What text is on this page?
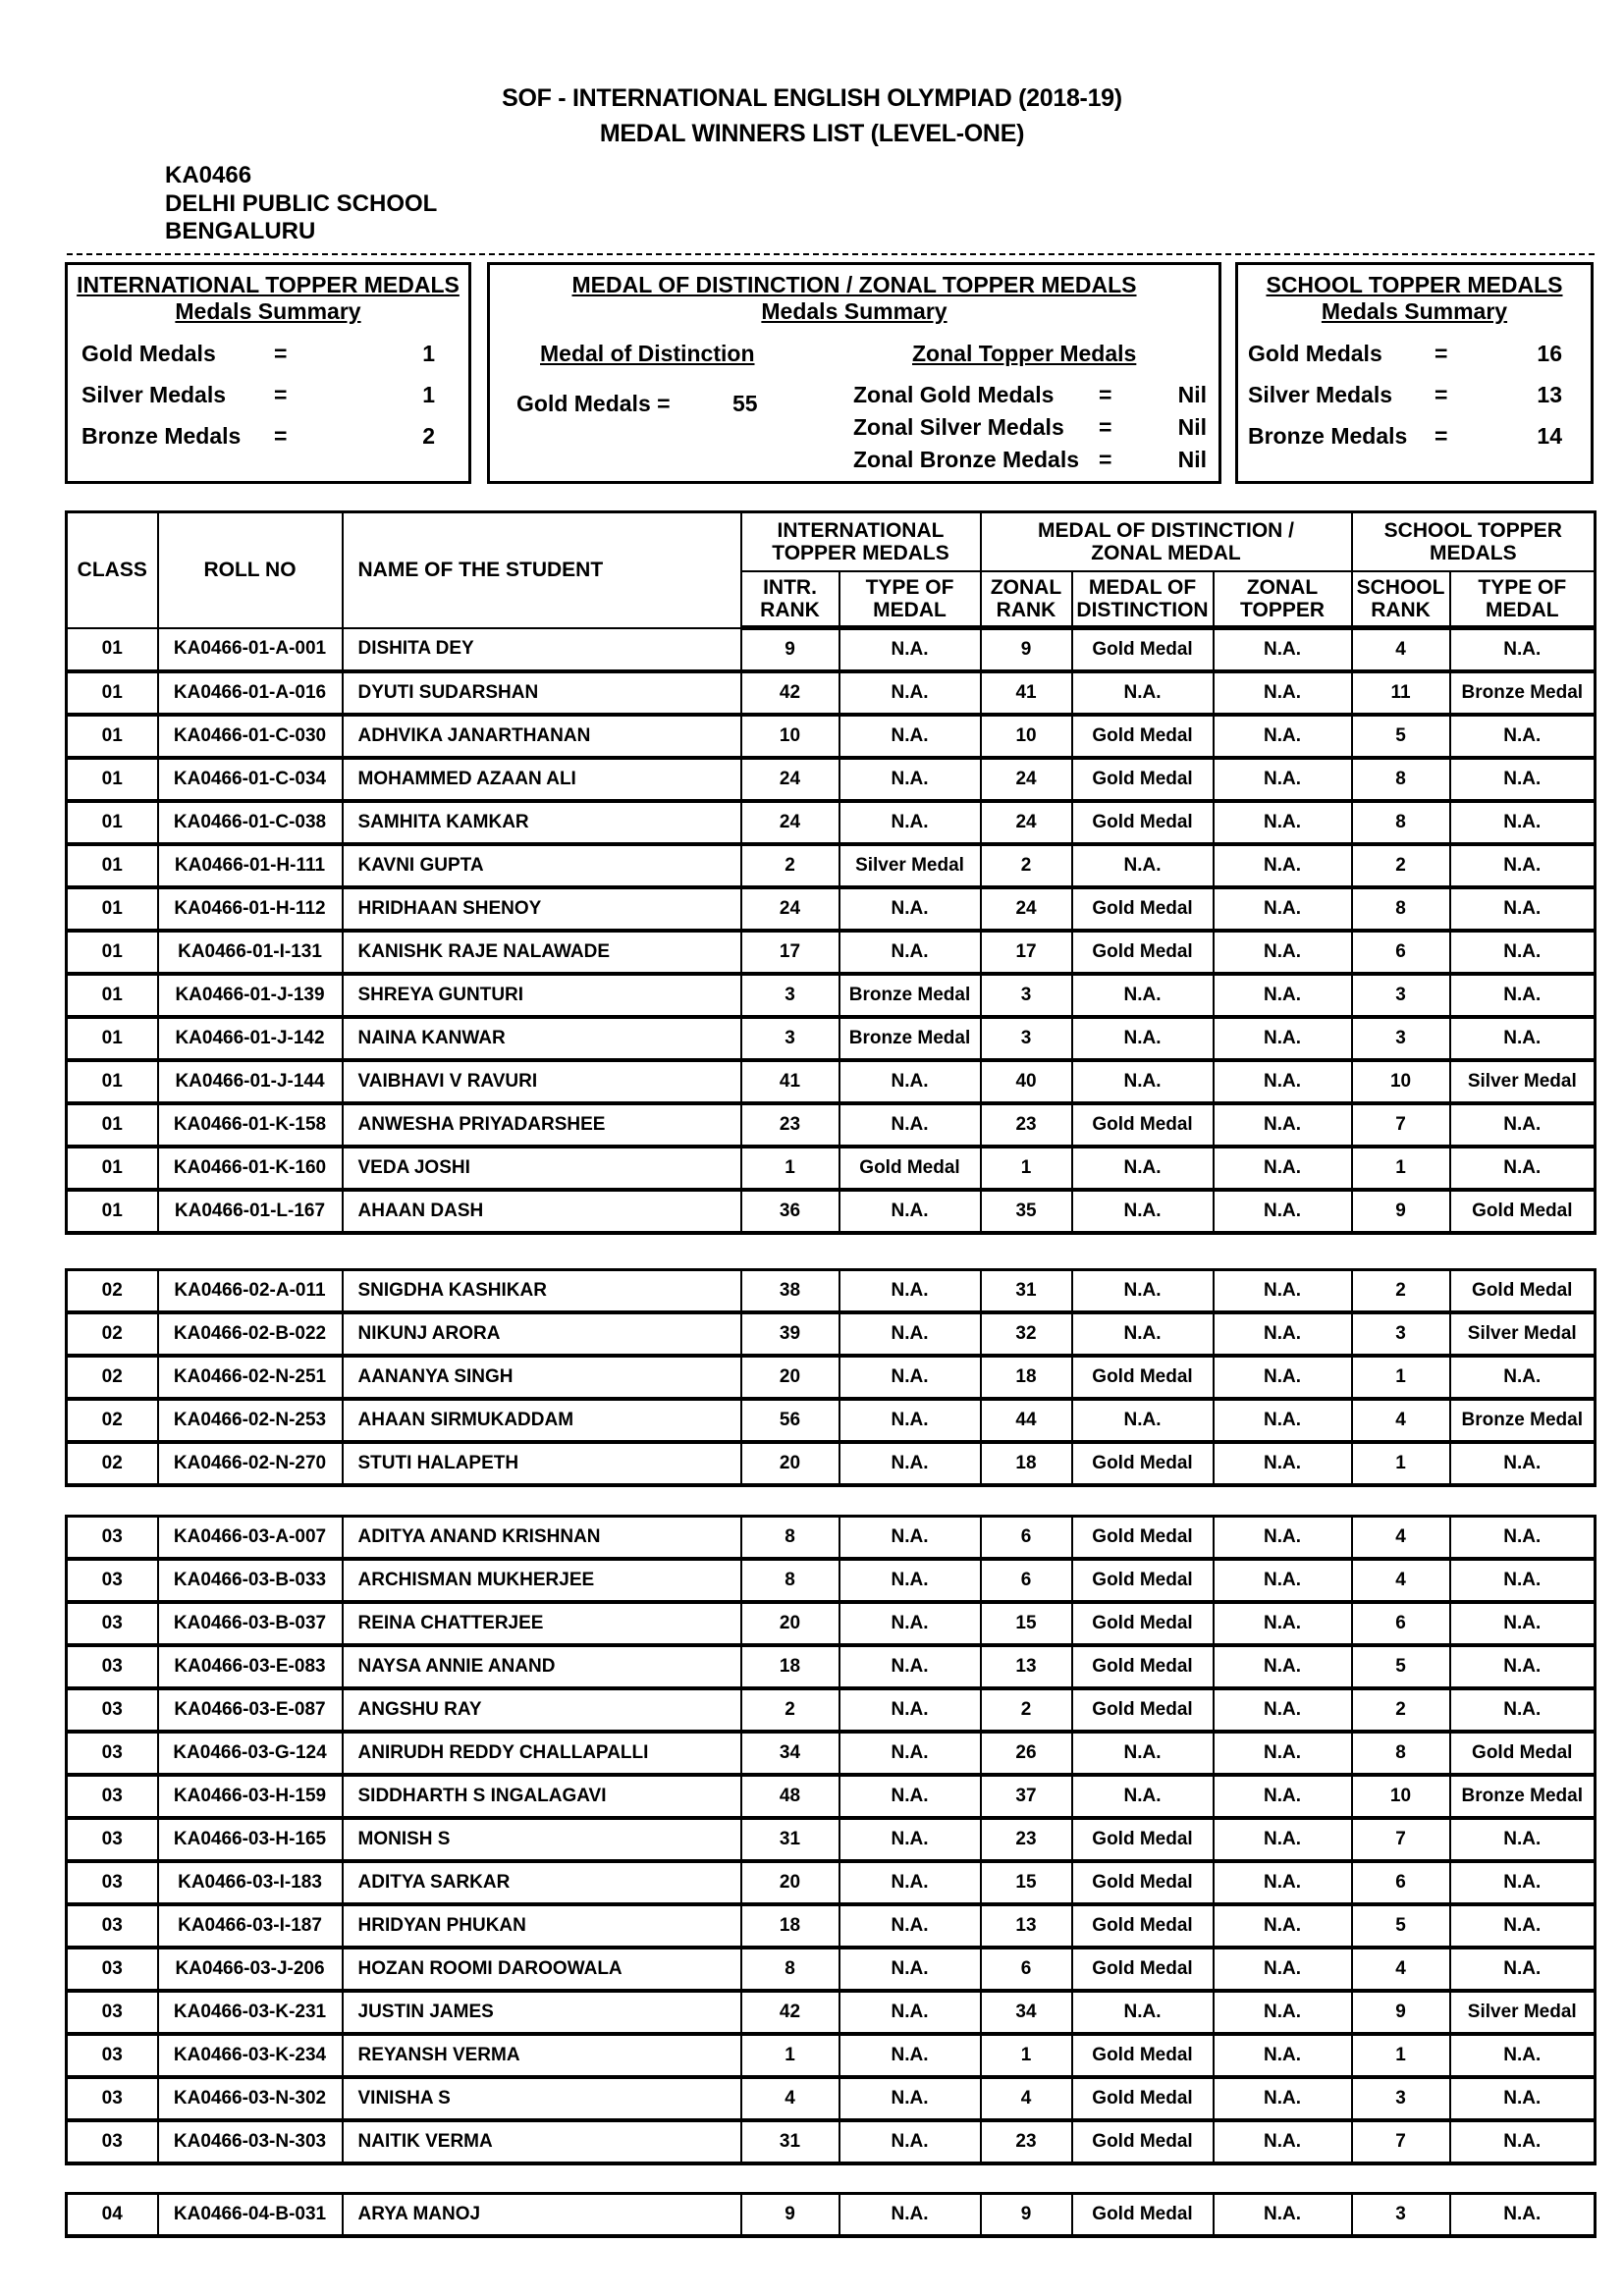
SOF - INTERNATIONAL ENGLISH OLYMPIAD (2018-19)
MEDAL WINNERS LIST (LEVEL-ONE)
KA0466
DELHI PUBLIC SCHOOL
BENGALURU
INTERNATIONAL TOPPER MEDALS
Medals Summary
Gold Medals	=	1
Silver Medals =	1
Bronze Medals =	2
MEDAL OF DISTINCTION / ZONAL TOPPER MEDALS
Medals Summary
Medal of Distinction
Gold Medals =	55
Zonal Topper Medals
Zonal Gold Medals =	Nil
Zonal Silver Medals =	Nil
Zonal Bronze Medals =	Nil
SCHOOL TOPPER MEDALS
Medals Summary
Gold Medals =	16
Silver Medals =	13
Bronze Medals =	14
CLASS	ROLL NO	NAME OF THE STUDENT	INTERNATIONAL TOPPER MEDALS		MEDAL OF DISTINCTION / ZONAL MEDAL			SCHOOL TOPPER MEDALS	
			INTR. RANK	TYPE OF MEDAL	ZONAL RANK	MEDAL OF DISTINCTION	ZONAL TOPPER	SCHOOL RANK	TYPE OF MEDAL
01	KA0466-01-A-001	DISHITA DEY	9	N.A.	9	Gold Medal	N.A.	4	N.A.
01	KA0466-01-A-016	DYUTI SUDARSHAN	42	N.A.	41	N.A.	N.A.	11	Bronze Medal
01	KA0466-01-C-030	ADHVIKA JANARTHANAN	10	N.A.	10	Gold Medal	N.A.	5	N.A.
01	KA0466-01-C-034	MOHAMMED AZAAN ALI	24	N.A.	24	Gold Medal	N.A.	8	N.A.
01	KA0466-01-C-038	SAMHITA KAMKAR	24	N.A.	24	Gold Medal	N.A.	8	N.A.
01	KA0466-01-H-111	KAVNI GUPTA	2	Silver Medal	2	N.A.	N.A.	2	N.A.
01	KA0466-01-H-112	HRIDHAAN SHENOY	24	N.A.	24	Gold Medal	N.A.	8	N.A.
01	KA0466-01-I-131	KANISHK RAJE NALAWADE	17	N.A.	17	Gold Medal	N.A.	6	N.A.
01	KA0466-01-J-139	SHREYA GUNTURI	3	Bronze Medal	3	N.A.	N.A.	3	N.A.
01	KA0466-01-J-142	NAINA KANWAR	3	Bronze Medal	3	N.A.	N.A.	3	N.A.
01	KA0466-01-J-144	VAIBHAVI V RAVURI	41	N.A.	40	N.A.	N.A.	10	Silver Medal
01	KA0466-01-K-158	ANWESHA PRIYADARSHEE	23	N.A.	23	Gold Medal	N.A.	7	N.A.
01	KA0466-01-K-160	VEDA JOSHI	1	Gold Medal	1	N.A.	N.A.	1	N.A.
01	KA0466-01-L-167	AHAAN DASH	36	N.A.	35	N.A.	N.A.	9	Gold Medal
02	KA0466-02-A-011	SNIGDHA KASHIKAR	38	N.A.	31	N.A.	N.A.	2	Gold Medal
02	KA0466-02-B-022	NIKUNJ ARORA	39	N.A.	32	N.A.	N.A.	3	Silver Medal
02	KA0466-02-N-251	AANANYA SINGH	20	N.A.	18	Gold Medal	N.A.	1	N.A.
02	KA0466-02-N-253	AHAAN SIRMUKADDAM	56	N.A.	44	N.A.	N.A.	4	Bronze Medal
02	KA0466-02-N-270	STUTI HALAPETH	20	N.A.	18	Gold Medal	N.A.	1	N.A.
03	KA0466-03-A-007	ADITYA ANAND KRISHNAN	8	N.A.	6	Gold Medal	N.A.	4	N.A.
03	KA0466-03-B-033	ARCHISMAN MUKHERJEE	8	N.A.	6	Gold Medal	N.A.	4	N.A.
03	KA0466-03-B-037	REINA CHATTERJEE	20	N.A.	15	Gold Medal	N.A.	6	N.A.
03	KA0466-03-E-083	NAYSA ANNIE ANAND	18	N.A.	13	Gold Medal	N.A.	5	N.A.
03	KA0466-03-E-087	ANGSHU RAY	2	N.A.	2	Gold Medal	N.A.	2	N.A.
03	KA0466-03-G-124	ANIRUDH REDDY CHALLAPALLI	34	N.A.	26	N.A.	N.A.	8	Gold Medal
03	KA0466-03-H-159	SIDDHARTH S INGALAGAVI	48	N.A.	37	N.A.	N.A.	10	Bronze Medal
03	KA0466-03-H-165	MONISH S	31	N.A.	23	Gold Medal	N.A.	7	N.A.
03	KA0466-03-I-183	ADITYA SARKAR	20	N.A.	15	Gold Medal	N.A.	6	N.A.
03	KA0466-03-I-187	HRIDYAN PHUKAN	18	N.A.	13	Gold Medal	N.A.	5	N.A.
03	KA0466-03-J-206	HOZAN ROOMI DAROOWALA	8	N.A.	6	Gold Medal	N.A.	4	N.A.
03	KA0466-03-K-231	JUSTIN JAMES	42	N.A.	34	N.A.	N.A.	9	Silver Medal
03	KA0466-03-K-234	REYANSH VERMA	1	N.A.	1	Gold Medal	N.A.	1	N.A.
03	KA0466-03-N-302	VINISHA S	4	N.A.	4	Gold Medal	N.A.	3	N.A.
03	KA0466-03-N-303	NAITIK VERMA	31	N.A.	23	Gold Medal	N.A.	7	N.A.
04	KA0466-04-B-031	ARYA MANOJ	9	N.A.	9	Gold Medal	N.A.	3	N.A.
